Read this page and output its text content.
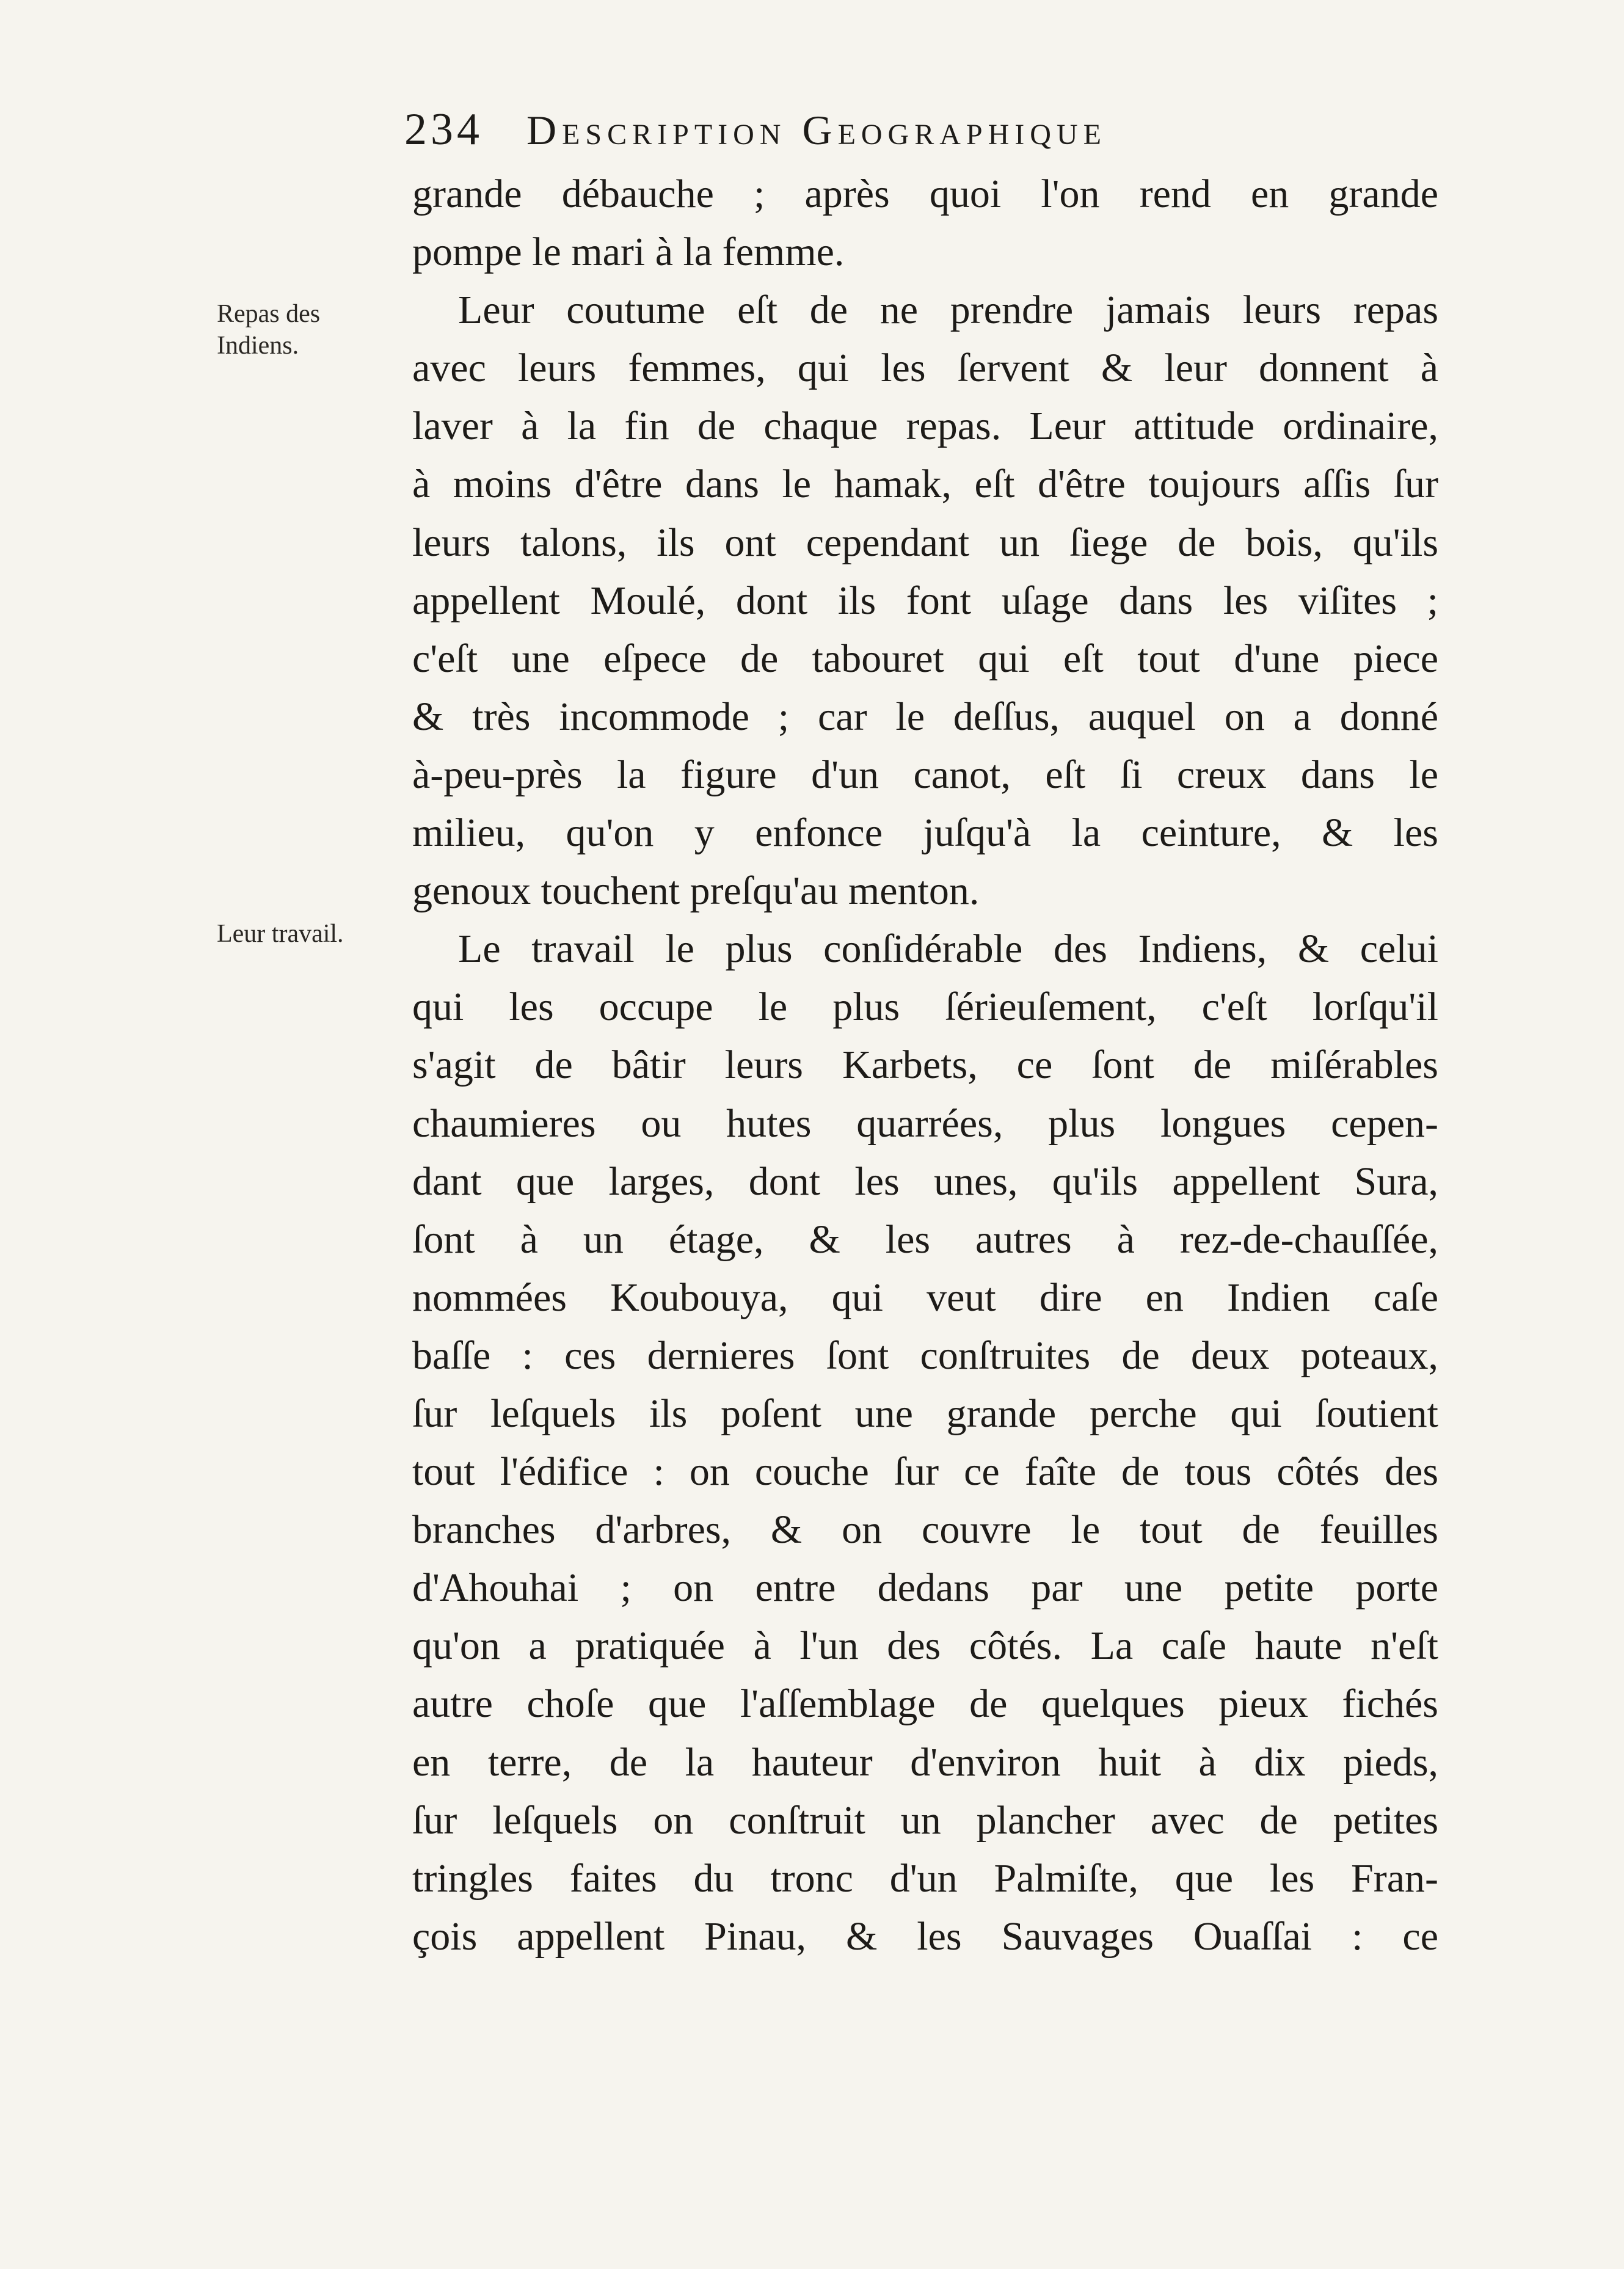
234	Description Geographique
Repas des
Indiens.
Leur travail.
grande débauche ; après quoi l'on rend en grande
pompe le mari à la femme.
Leur coutume eſt de ne prendre jamais leurs repas
avec leurs femmes, qui les ſervent & leur donnent à
laver à la fin de chaque repas. Leur attitude ordinaire,
à moins d'être dans le hamak, eſt d'être toujours aſſis ſur
leurs talons, ils ont cependant un ſiege de bois, qu'ils
appellent Moulé, dont ils font uſage dans les viſites ;
c'eſt une eſpece de tabouret qui eſt tout d'une piece
& très incommode ; car le deſſus, auquel on a donné
à-peu-près la figure d'un canot, eſt ſi creux dans le
milieu, qu'on y enfonce juſqu'à la ceinture, & les
genoux touchent preſqu'au menton.
Le travail le plus conſidérable des Indiens, & celui
qui les occupe le plus ſérieuſement, c'eſt lorſqu'il
s'agit de bâtir leurs Karbets, ce ſont de miſérables
chaumieres ou hutes quarrées, plus longues cepen-
dant que larges, dont les unes, qu'ils appellent Sura,
ſont à un étage, & les autres à rez-de-chauſſée,
nommées Koubouya, qui veut dire en Indien caſe
baſſe : ces dernieres ſont conſtruites de deux poteaux,
ſur leſquels ils poſent une grande perche qui ſoutient
tout l'édifice : on couche ſur ce faîte de tous côtés des
branches d'arbres, & on couvre le tout de feuilles
d'Ahouhai ; on entre dedans par une petite porte
qu'on a pratiquée à l'un des côtés. La caſe haute n'eſt
autre choſe que l'aſſemblage de quelques pieux fichés
en terre, de la hauteur d'environ huit à dix pieds,
ſur leſquels on conſtruit un plancher avec de petites
tringles faites du tronc d'un Palmiſte, que les Fran-
çois appellent Pinau, & les Sauvages Ouaſſai : ce
